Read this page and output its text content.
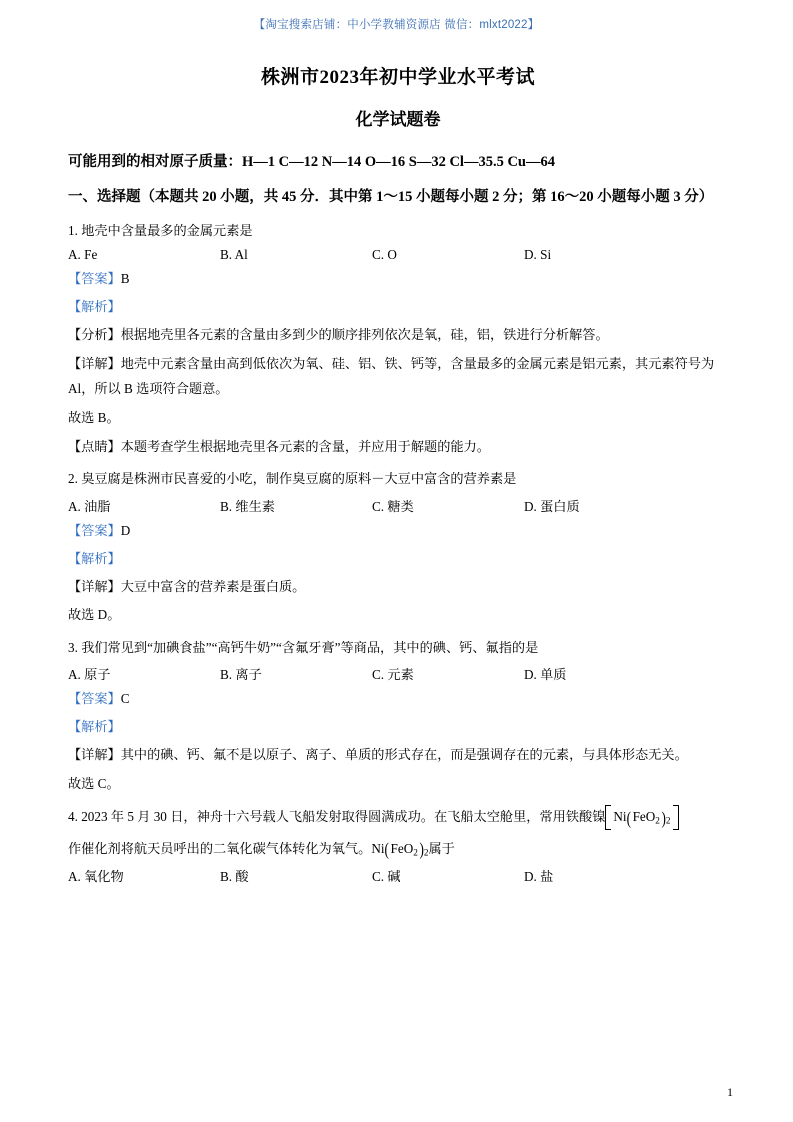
【淘宝搜索店铺：中小学教辅资源店 微信：mlxt2022】
株洲市2023年初中学业水平考试
化学试题卷
可能用到的相对原子质量：H—1 C—12 N—14 O—16 S—32 Cl—35.5 Cu—64
一、选择题（本题共 20 小题，共 45 分．其中第 1～15 小题每小题 2 分；第 16～20 小题每小题 3 分）
1. 地壳中含量最多的金属元素是
A. Fe	B. Al	C. O	D. Si
【答案】B
【解析】
【分析】根据地壳里各元素的含量由多到少的顺序排列依次是氧，硅，铝，铁进行分析解答。
【详解】地壳中元素含量由高到低依次为氧、硅、铝、铁、钙等，含量最多的金属元素是铝元素，其元素符号为 Al，所以 B 选项符合题意。
故选 B。
【点睛】本题考查学生根据地壳里各元素的含量，并应用于解题的能力。
2. 臭豆腐是株洲市民喜爱的小吃，制作臭豆腐的原料－大豆中富含的营养素是
A. 油脂	B. 维生素	C. 糖类	D. 蛋白质
【答案】D
【解析】
【详解】大豆中富含的营养素是蛋白质。
故选 D。
3. 我们常见到“加碘食盐”“高钙牛奶”“含氟牙膏”等商品，其中的碘、钙、氟指的是
A. 原子	B. 离子	C. 元素	D. 单质
【答案】C
【解析】
【详解】其中的碘、钙、氟不是以原子、离子、单质的形式存在，而是强调存在的元素，与具体形态无关。
故选 C。
4. 2023 年 5 月 30 日，神舟十六号载人飞船发射取得圆满成功。在飞船太空舱里，常用铁酸镍 Ni ( FeO$_2$ ) $_2$
作催化剂将航天员呼出的二氧化碳气体转化为氧气。Ni ( FeO$_2$ ) $_2$属于
A. 氧化物	B. 酸	C. 碱	D. 盐
1
